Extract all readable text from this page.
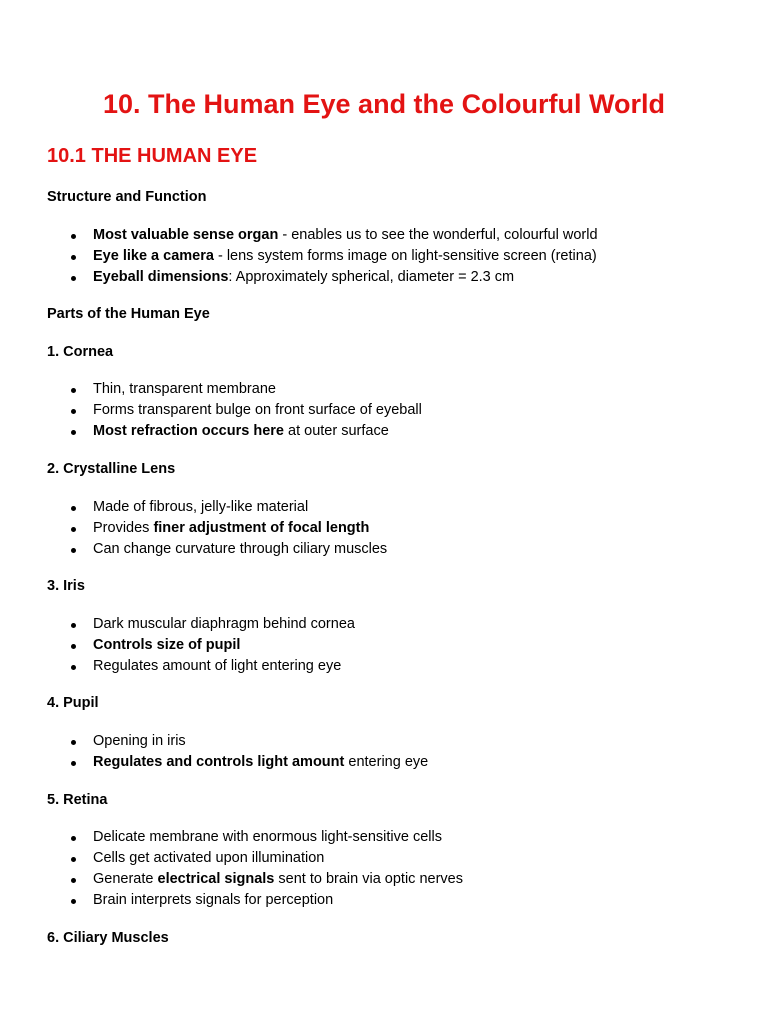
10. The Human Eye and the Colourful World
10.1 THE HUMAN EYE
Structure and Function
Most valuable sense organ - enables us to see the wonderful, colourful world
Eye like a camera - lens system forms image on light-sensitive screen (retina)
Eyeball dimensions: Approximately spherical, diameter = 2.3 cm
Parts of the Human Eye
1. Cornea
Thin, transparent membrane
Forms transparent bulge on front surface of eyeball
Most refraction occurs here at outer surface
2. Crystalline Lens
Made of fibrous, jelly-like material
Provides finer adjustment of focal length
Can change curvature through ciliary muscles
3. Iris
Dark muscular diaphragm behind cornea
Controls size of pupil
Regulates amount of light entering eye
4. Pupil
Opening in iris
Regulates and controls light amount entering eye
5. Retina
Delicate membrane with enormous light-sensitive cells
Cells get activated upon illumination
Generate electrical signals sent to brain via optic nerves
Brain interprets signals for perception
6. Ciliary Muscles
